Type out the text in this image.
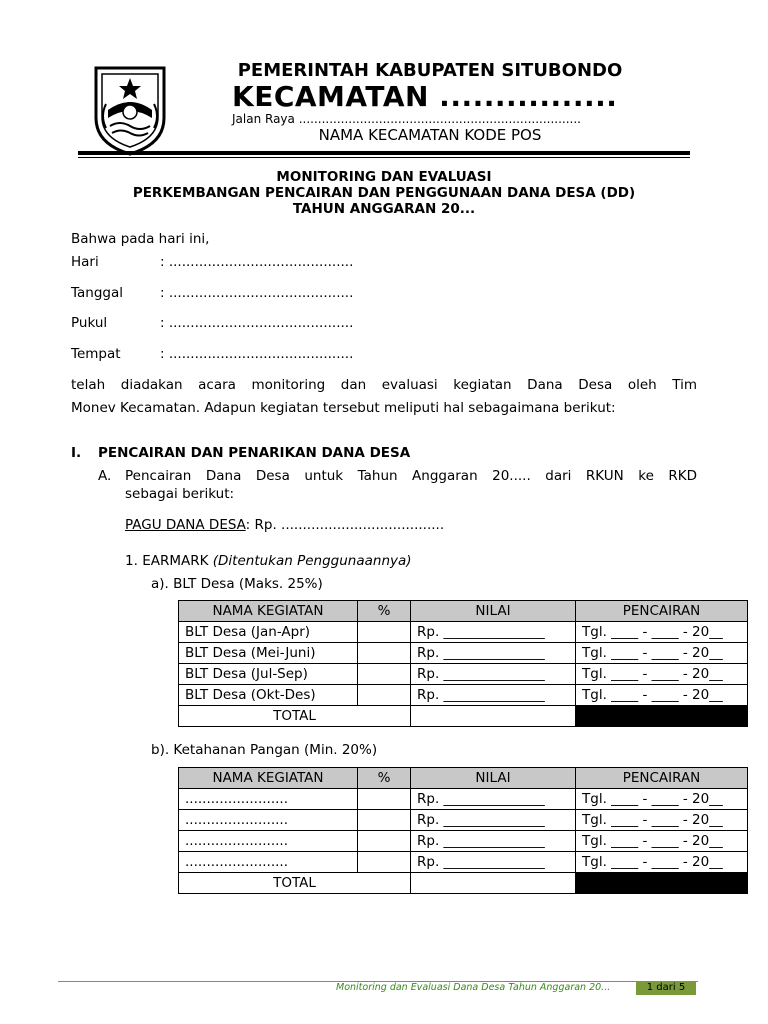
PEMERINTAH KABUPATEN SITUBONDO
KECAMATAN ................
Jalan Raya ..........................................................................
NAMA KECAMATAN KODE POS
MONITORING DAN EVALUASI
PERKEMBANGAN PENCAIRAN DAN PENGGUNAAN DANA DESA (DD)
TAHUN ANGGARAN 20...
Bahwa pada hari ini,
Hari	: ...........................................
Tanggal	: ...........................................
Pukul	: ...........................................
Tempat	: ...........................................
telah diadakan acara monitoring dan evaluasi kegiatan Dana Desa oleh Tim
Monev Kecamatan. Adapun kegiatan tersebut meliputi hal sebagaimana berikut:
I. PENCAIRAN DAN PENARIKAN DANA DESA
A. Pencairan Dana Desa untuk Tahun Anggaran 20..... dari RKUN ke RKD
sebagai berikut:
PAGU DANA DESA: Rp. ......................................
1. EARMARK (Ditentukan Penggunaannya)
a). BLT Desa (Maks. 25%)
NAMA KEGIATAN	%	NILAI	PENCAIRAN
BLT Desa (Jan-Apr)		Rp. _______________	Tgl. ____ - ____ - 20__
BLT Desa (Mei-Juni)		Rp. _______________	Tgl. ____ - ____ - 20__
BLT Desa (Jul-Sep)		Rp. _______________	Tgl. ____ - ____ - 20__
BLT Desa (Okt-Des)		Rp. _______________	Tgl. ____ - ____ - 20__
TOTAL			
b). Ketahanan Pangan (Min. 20%)
NAMA KEGIATAN	%	NILAI	PENCAIRAN
........................		Rp. _______________	Tgl. ____ - ____ - 20__
........................		Rp. _______________	Tgl. ____ - ____ - 20__
........................		Rp. _______________	Tgl. ____ - ____ - 20__
........................		Rp. _______________	Tgl. ____ - ____ - 20__
TOTAL			
Monitoring dan Evaluasi Dana Desa Tahun Anggaran 20...	1 dari 5
